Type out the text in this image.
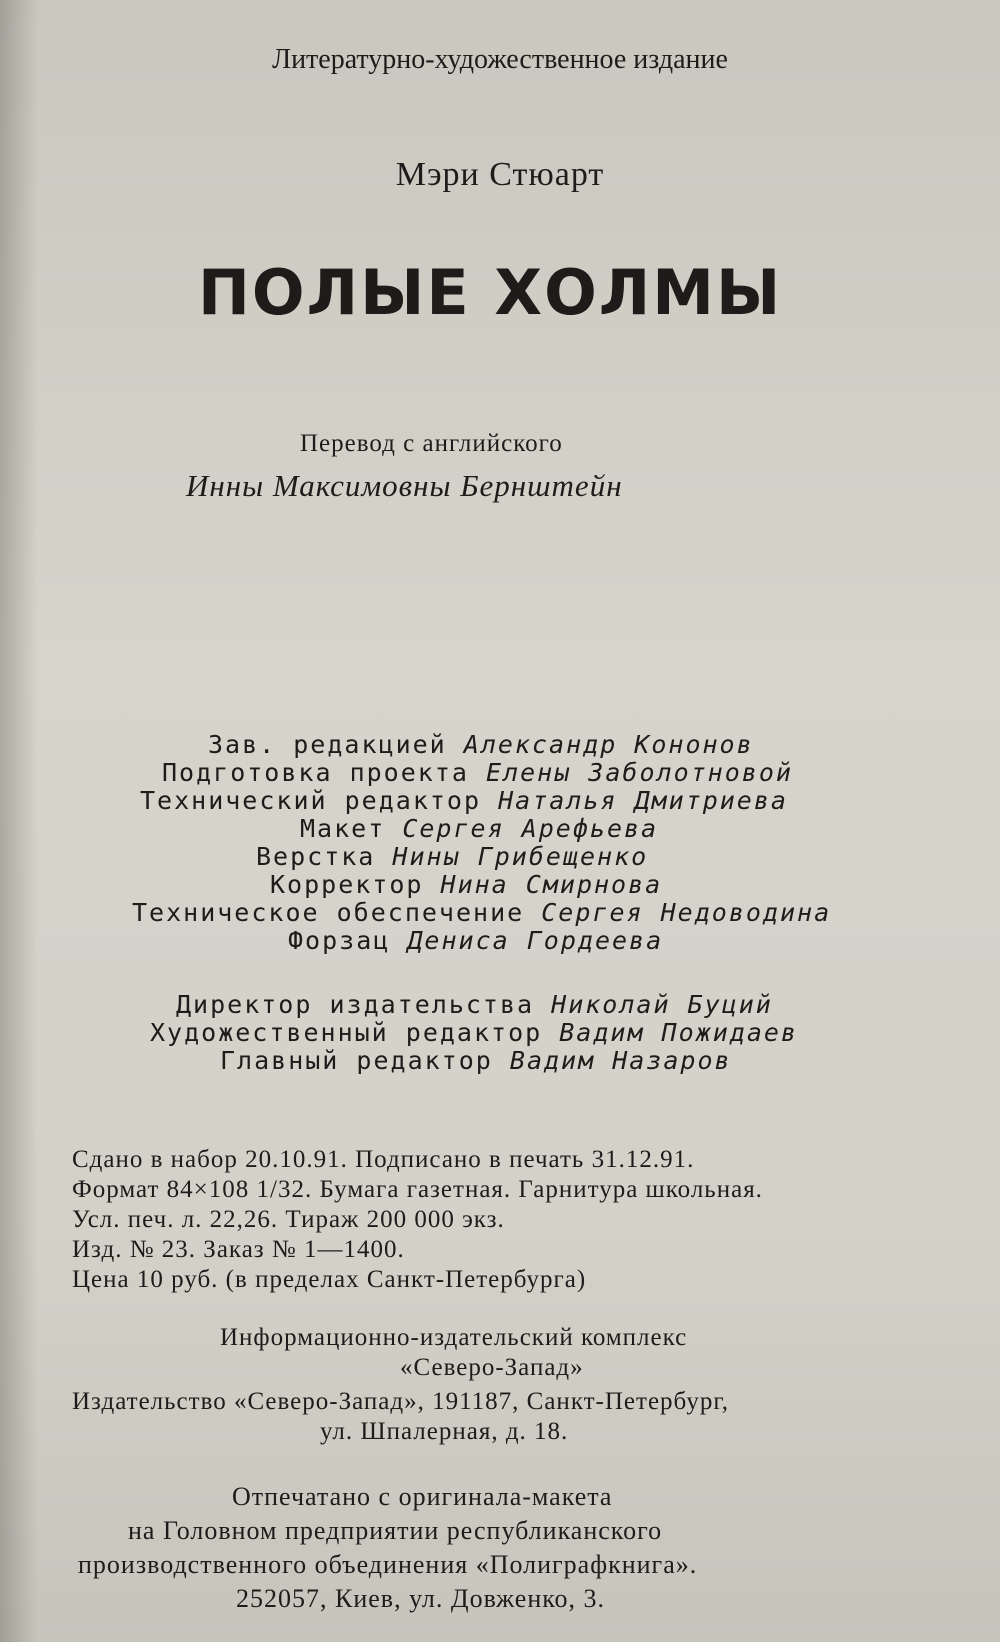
Литературно-художественное издание
Мэри Стюарт
ПОЛЫЕ ХОЛМЫ
Перевод с английского
Инны Максимовны Бернштейн
Зав. редакцией Александр Кононов
Подготовка проекта Елены Заболотновой
Технический редактор Наталья Дмитриева
Макет Сергея Арефьева
Верстка Нины Грибещенко
Корректор Нина Смирнова
Техническое обеспечение Сергея Недоводина
Форзац Дениса Гордеева
Директор издательства Николай Буций
Художественный редактор Вадим Пожидаев
Главный редактор Вадим Назаров
Сдано в набор 20.10.91. Подписано в печать 31.12.91.
Формат 84×108 1/32. Бумага газетная. Гарнитура школьная.
Усл. печ. л. 22,26. Тираж 200 000 экз.
Изд. № 23. Заказ № 1—1400.
Цена 10 руб. (в пределах Санкт-Петербурга)
Информационно-издательский комплекс
«Северо-Запад»
Издательство «Северо-Запад», 191187, Санкт-Петербург,
ул. Шпалерная, д. 18.
Отпечатано с оригинала-макета
на Головном предприятии республиканского
производственного объединения «Полиграфкнига».
252057, Киев, ул. Довженко, 3.
